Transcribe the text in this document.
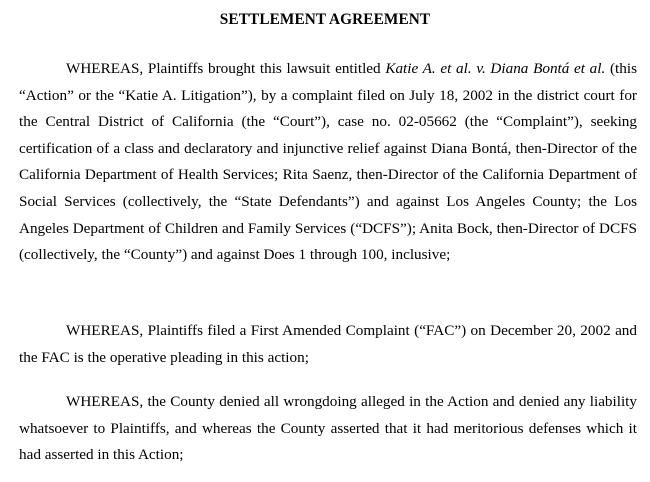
SETTLEMENT AGREEMENT

WHEREAS, Plaintiffs brought this lawsuit entitled Katie A. et al. v. Diana Bontá et al. (this “Action” or the “Katie A. Litigation”), by a complaint filed on July 18, 2002 in the district court for the Central District of California (the “Court”), case no. 02-05662 (the “Complaint”), seeking certification of a class and declaratory and injunctive relief against Diana Bontá, then-Director of the California Department of Health Services; Rita Saenz, then-Director of the California Department of Social Services (collectively, the “State Defendants”) and against Los Angeles County; the Los Angeles Department of Children and Family Services (“DCFS”); Anita Bock, then-Director of DCFS (collectively, the “County”) and against Does 1 through 100, inclusive;

WHEREAS, Plaintiffs filed a First Amended Complaint (“FAC”) on December 20, 2002 and the FAC is the operative pleading in this action;

WHEREAS, the County denied all wrongdoing alleged in the Action and denied any liability whatsoever to Plaintiffs, and whereas the County asserted that it had meritorious defenses which it had asserted in this Action;
